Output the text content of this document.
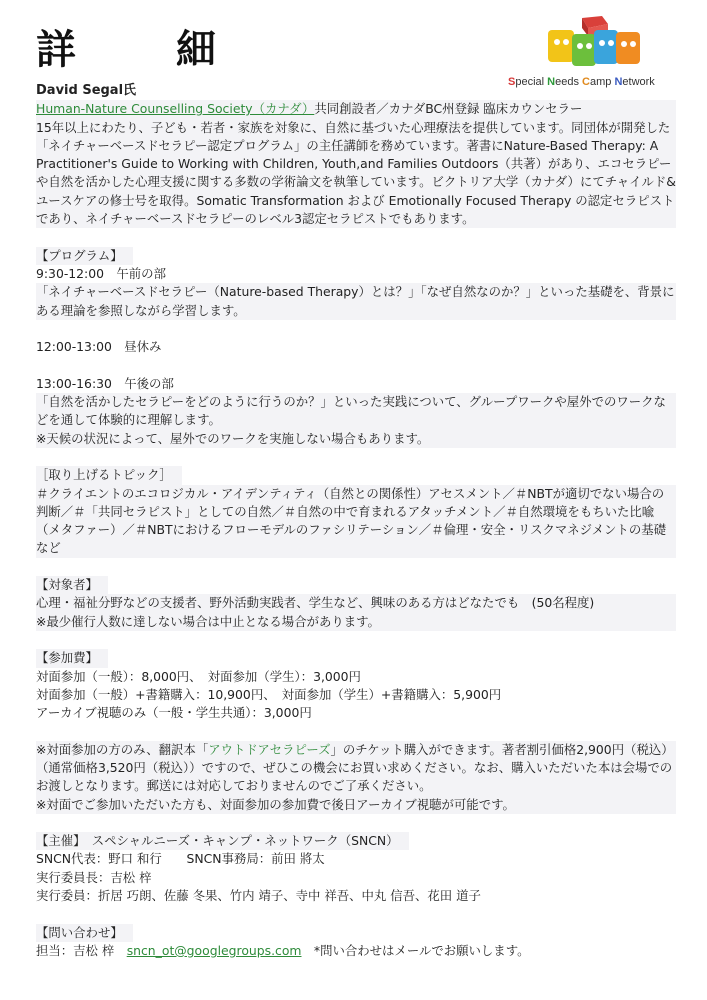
Special Needs Camp Network
詳　細

David Segal氏

Human-Nature Counselling Society（カナダ）共同創設者／カナダBC州登録 臨床カウンセラー

15年以上にわたり、子ども・若者・家族を対象に、自然に基づいた心理療法を提供しています。同団体が開発した「ネイチャーベースドセラピー認定プログラム」の主任講師を務めています。著書にNature-Based Therapy: A Practitioner's Guide to Working with Children, Youth,and Families Outdoors（共著）があり、エコセラピーや自然を活かした心理支援に関する多数の学術論文を執筆しています。ビクトリア大学（カナダ）にてチャイルド&ユースケアの修士号を取得。Somatic Transformation および Emotionally Focused Therapy の認定セラピストであり、ネイチャーベースドセラピーのレベル3認定セラピストでもあります。

【プログラム】

9:30-12:00　午前の部

「ネイチャーベースドセラピー（Nature-based Therapy）とは？」「なぜ自然なのか？」といった基礎を、背景にある理論を参照しながら学習します。

12:00-13:00　昼休み

13:00-16:30　午後の部

「自然を活かしたセラピーをどのように行うのか？」といった実践について、グループワークや屋外でのワークなどを通して体験的に理解します。

※天候の状況によって、屋外でのワークを実施しない場合もあります。

［取り上げるトピック］

＃クライエントのエコロジカル・アイデンティティ（自然との関係性）アセスメント／＃NBTが適切でない場合の判断／＃「共同セラピスト」としての自然／＃自然の中で育まれるアタッチメント／＃自然環境をもちいた比喩（メタファー）／＃NBTにおけるフローモデルのファシリテーション／＃倫理・安全・リスクマネジメントの基礎　など

【対象者】

心理・福祉分野などの支援者、野外活動実践者、学生など、興味のある方はどなたでも　(50名程度)

※最少催行人数に達しない場合は中止となる場合があります。

【参加費】

対面参加（一般）：8,000円、　対面参加（学生）：3,000円

対面参加（一般）+書籍購入：10,900円、　対面参加（学生）+書籍購入：5,900円

アーカイブ視聴のみ（一般・学生共通）：3,000円

※対面参加の方のみ、翻訳本「アウトドアセラピーズ」のチケット購入ができます。著者割引価格2,900円（税込）（通常価格3,520円（税込））ですので、ぜひこの機会にお買い求めください。なお、購入いただいた本は会場でのお渡しとなります。郵送には対応しておりませんのでご了承ください。

※対面でご参加いただいた方も、対面参加の参加費で後日アーカイブ視聴が可能です。

【主催】　スペシャルニーズ・キャンプ・ネットワーク（SNCN）

SNCN代表：野口 和行　　SNCN事務局：前田 將太

実行委員長：吉松 梓

実行委員：折居 巧朗、佐藤 冬果、竹内 靖子、寺中 祥吾、中丸 信吾、花田 道子

【問い合わせ】

担当：吉松 梓　sncn_ot@googlegroups.com　*問い合わせはメールでお願いします。
